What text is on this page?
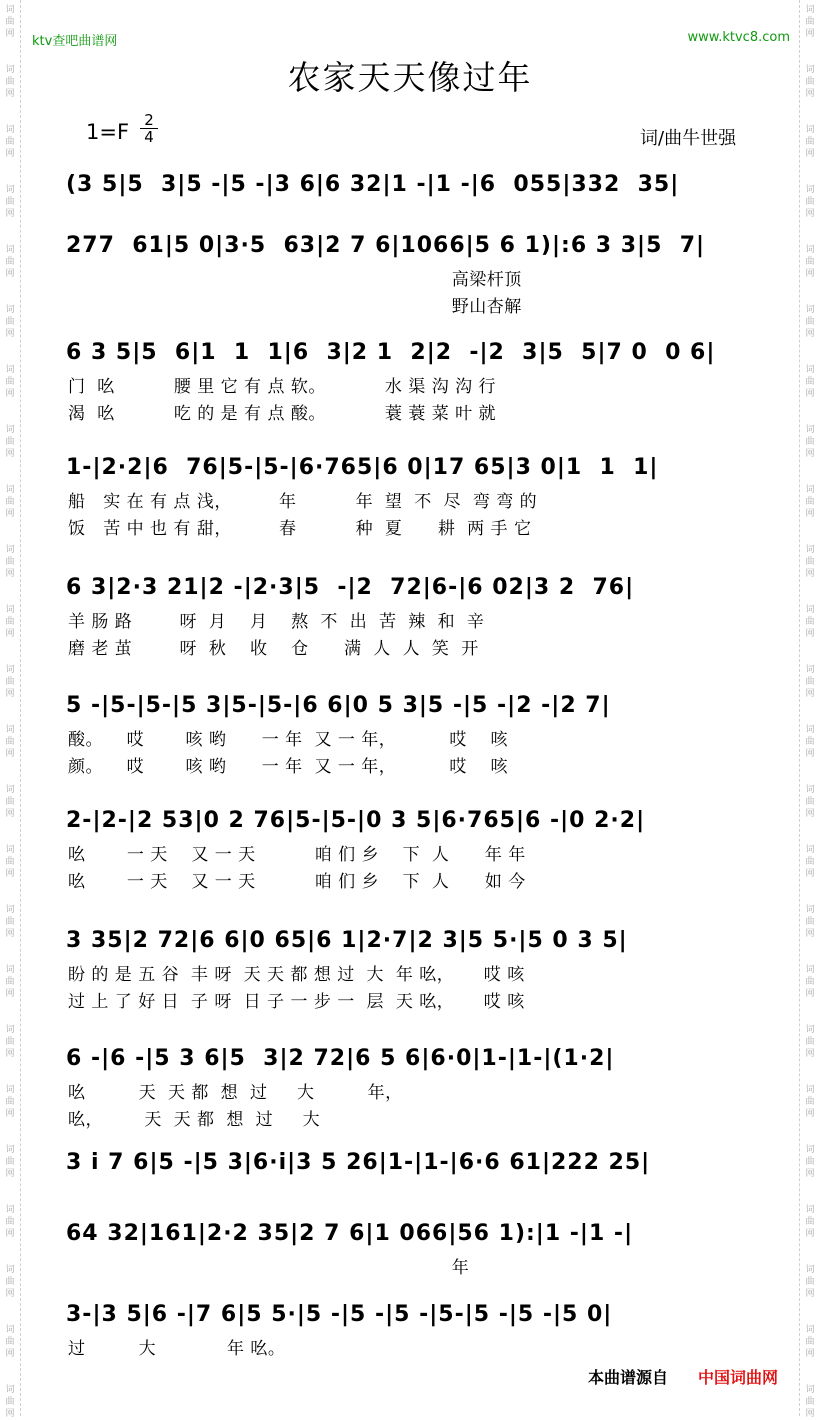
ktv查吧曲谱网	www.ktvc8.com
农家天天像过年
1=F 2
4	词/曲牛世强
(3 5|5  3|5 -|5 -|3 6|6 32|1 -|1 -|6  055|332  35|
277  61|5 0|3·5  63|2 7 6|1066|5 6 1)|:6 3 3|5  7|
高梁杆顶
野山杏解
6 3 5|5  6|1  1  1|6  3|2 1  2|2  -|2  3|5  5|7 0  0 6|
门  吆          腰 里 它 有 点 软。          水 渠 沟 沟 行
渴  吆          吃 的 是 有 点 酸。          蓑 蓑 菜 叶 就
1-|2·2|6  76|5-|5-|6·765|6 0|17 65|3 0|1  1  1|
船   实 在 有 点 浅，        年          年  望  不  尽  弯 弯 的
饭   苦 中 也 有 甜，        春          种  夏      耕  两 手 它
6 3|2·3 21|2 -|2·3|5  -|2  72|6-|6 02|3 2  76|
羊 肠 路        呀  月    月    熬  不  出  苦  辣  和  辛
磨 老 茧        呀  秋    收    仓      满  人  人  笑  开
5 -|5-|5-|5 3|5-|5-|6 6|0 5 3|5 -|5 -|2 -|2 7|
酸。    哎       咳 哟      一 年  又 一 年，         哎    咳
颜。    哎       咳 哟      一 年  又 一 年，         哎    咳
2-|2-|2 53|0 2 76|5-|5-|0 3 5|6·765|6 -|0 2·2|
吆       一 天    又 一 天          咱 们 乡    下  人      年 年
吆       一 天    又 一 天          咱 们 乡    下  人      如 今
3 35|2 72|6 6|0 65|6 1|2·7|2 3|5 5·|5 0 3 5|
盼 的 是 五 谷  丰 呀  天 天 都 想 过  大  年 吆，     哎 咳
过 上 了 好 日  子 呀  日 子 一 步 一  层  天 吆，     哎 咳
6 -|6 -|5 3 6|5  3|2 72|6 5 6|6·0|1-|1-|(1·2|
吆         天  天 都  想  过     大         年，
吆，       天  天 都  想  过     大
3 i 7 6|5 -|5 3|6·i|3 5 26|1-|1-|6·6 61|222 25|
64 32|161|2·2 35|2 7 6|1 066|56 1):|1 -|1 -|
年
3-|3 5|6 -|7 6|5 5·|5 -|5 -|5 -|5-|5 -|5 -|5 0|
过         大            年 吆。
本曲谱源自 中国词曲网
词曲网
词曲网
词曲网
词曲网
词曲网
词曲网
词曲网
词曲网
词曲网
词曲网
词曲网
词曲网
词曲网
词曲网
词曲网
词曲网
词曲网
词曲网
词曲网
词曲网
词曲网
词曲网
词曲网
词曲网
词曲网
词曲网
词曲网
词曲网
词曲网
词曲网
词曲网
词曲网
词曲网
词曲网
词曲网
词曲网
词曲网
词曲网
词曲网
词曲网
词曲网
词曲网
词曲网
词曲网
词曲网
词曲网
词曲网
词曲网
